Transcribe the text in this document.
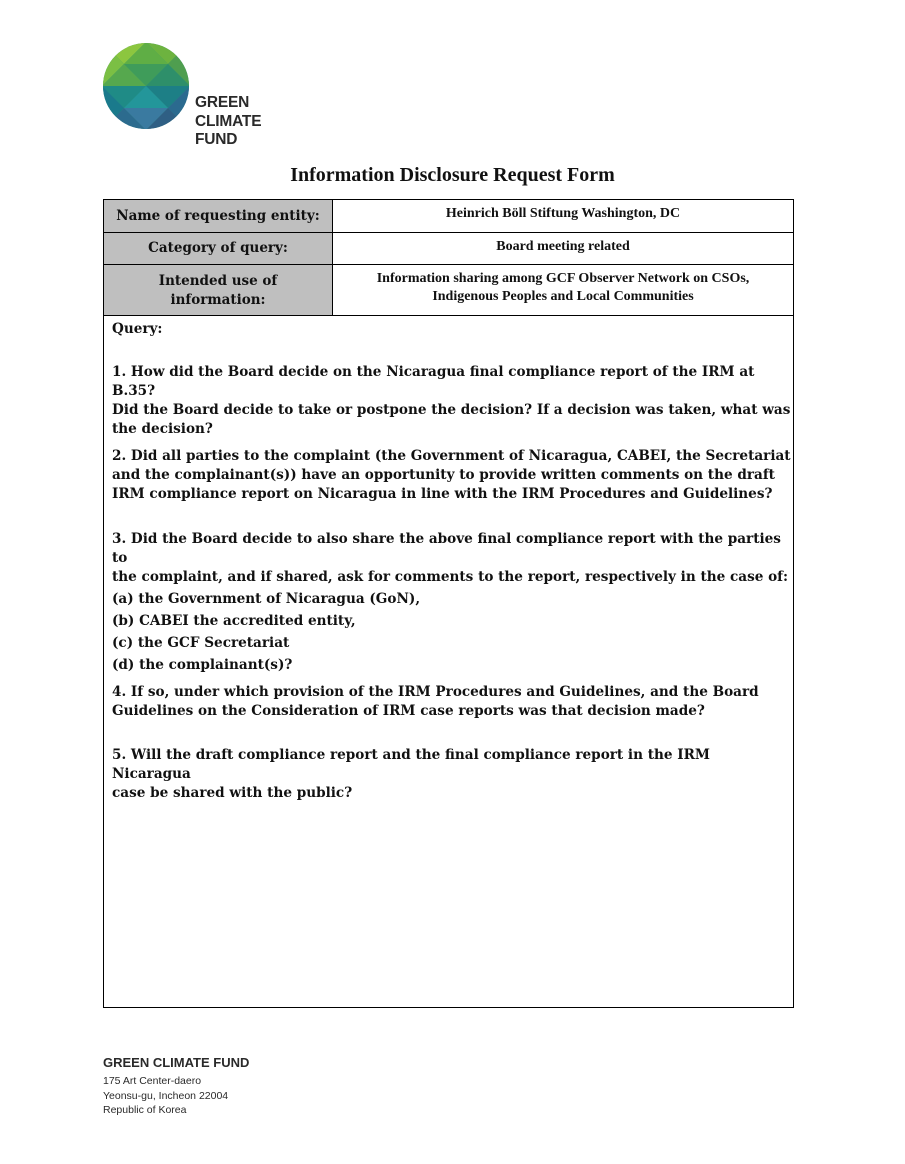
GREEN
CLIMATE
FUND
Information Disclosure Request Form
Name of requesting entity:	Heinrich Böll Stiftung Washington, DC
Category of query:	Board meeting related
Intended use of
information:
Information sharing among GCF Observer Network on CSOs,
Indigenous Peoples and Local Communities

Query:

1. How did the Board decide on the Nicaragua final compliance report of the IRM at B.35?

Did the Board decide to take or postpone the decision? If a decision was taken, what was

the decision?

2. Did all parties to the complaint (the Government of Nicaragua, CABEI, the Secretariat

and the complainant(s)) have an opportunity to provide written comments on the draft

IRM compliance report on Nicaragua in line with the IRM Procedures and Guidelines?

3. Did the Board decide to also share the above final compliance report with the parties to

the complaint, and if shared, ask for comments to the report, respectively in the case of:

(a) the Government of Nicaragua (GoN),

(b) CABEI the accredited entity,

(c) the GCF Secretariat

(d) the complainant(s)?

4. If so, under which provision of the IRM Procedures and Guidelines, and the Board

Guidelines on the Consideration of IRM case reports was that decision made?

5. Will the draft compliance report and the final compliance report in the IRM Nicaragua

case be shared with the public?

GREEN CLIMATE FUND
175 Art Center-daero
Yeonsu-gu, Incheon 22004
Republic of Korea
